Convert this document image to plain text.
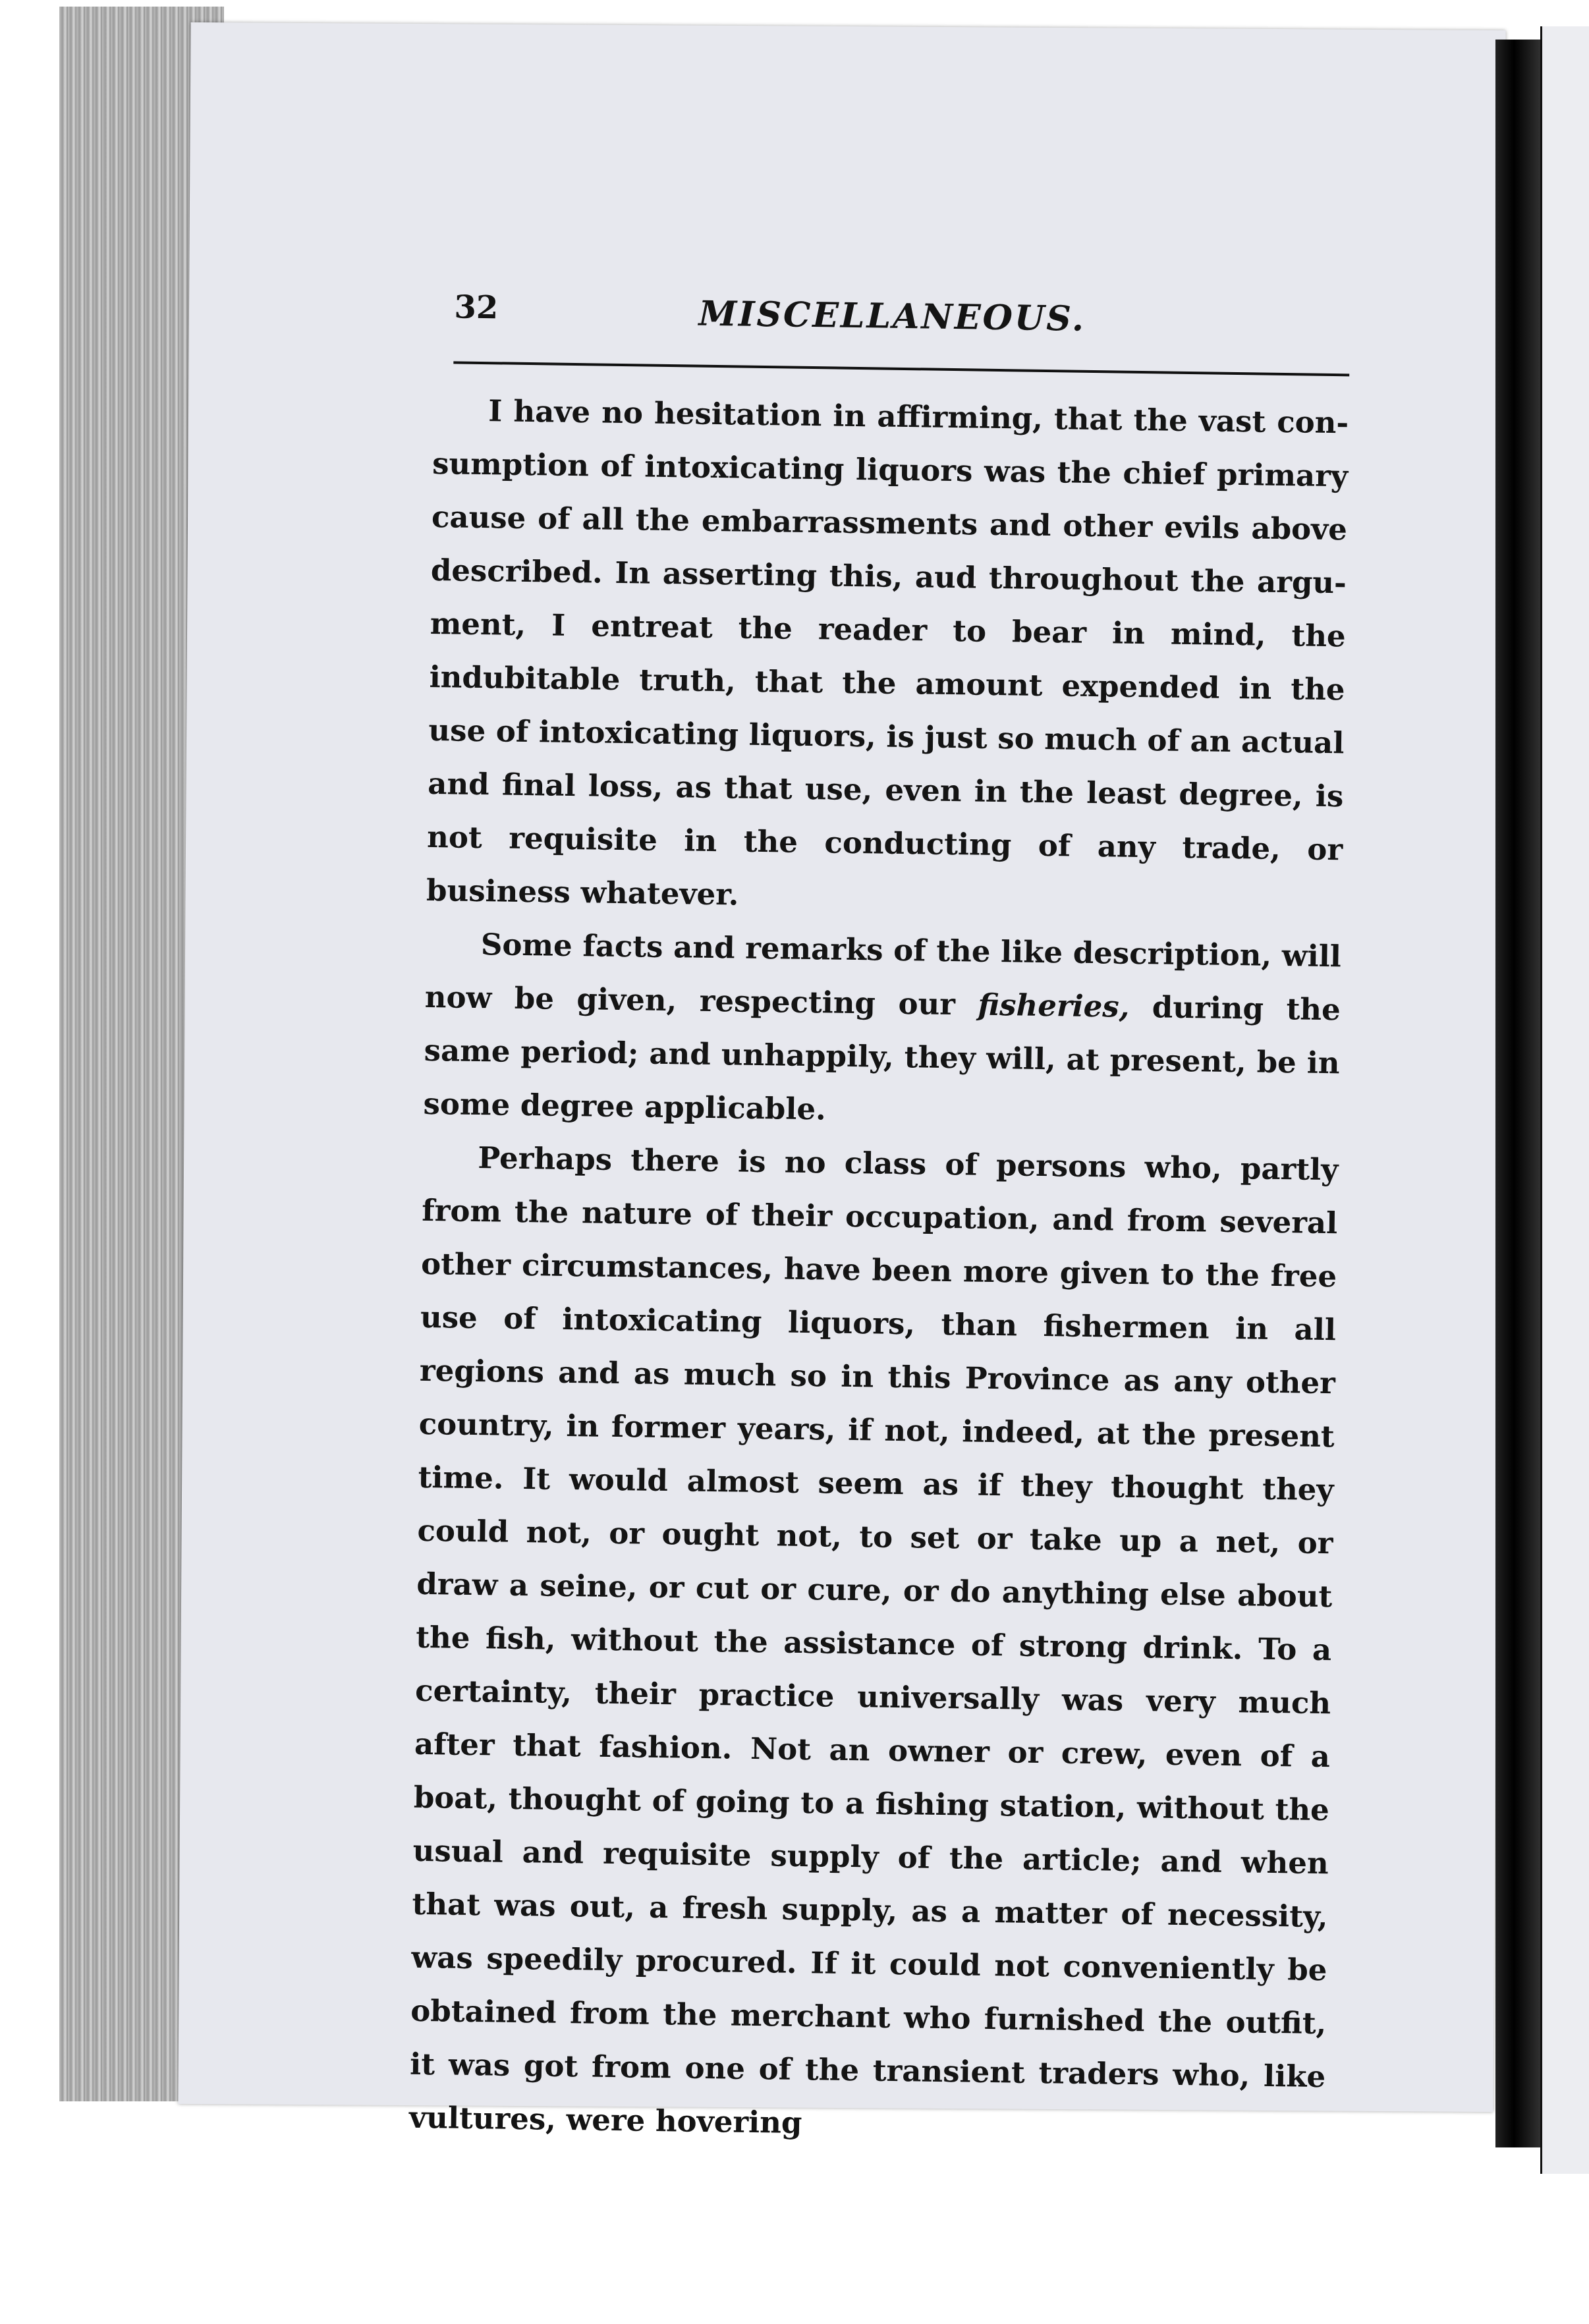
32	MISCELLANEOUS.

I have no hesitation in affirming, that the vast consumption of intoxicating liquors was the chief primary cause of all the embarrassments and other evils above described. In asserting this, aud throughout the argument, I entreat the reader to bear in mind, the indubitable truth, that the amount expended in the use of intoxicating liquors, is just so much of an actual and final loss, as that use, even in the least degree, is not requisite in the conducting of any trade, or business whatever.

Some facts and remarks of the like description, will now be given, respecting our fisheries, during the same period; and unhappily, they will, at present, be in some degree applicable.

Perhaps there is no class of persons who, partly from the nature of their occupation, and from several other circumstances, have been more given to the free use of intoxicating liquors, than fishermen in all regions and as much so in this Province as any other country, in former years, if not, indeed, at the present time. It would almost seem as if they thought they could not, or ought not, to set or take up a net, or draw a seine, or cut or cure, or do anything else about the fish, without the assistance of strong drink. To a certainty, their practice universally was very much after that fashion. Not an owner or crew, even of a boat, thought of going to a fishing station, without the usual and requisite supply of the article; and when that was out, a fresh supply, as a matter of necessity, was speedily procured. If it could not conveniently be obtained from the merchant who furnished the outfit, it was got from one of the transient traders who, like vultures, were hovering
